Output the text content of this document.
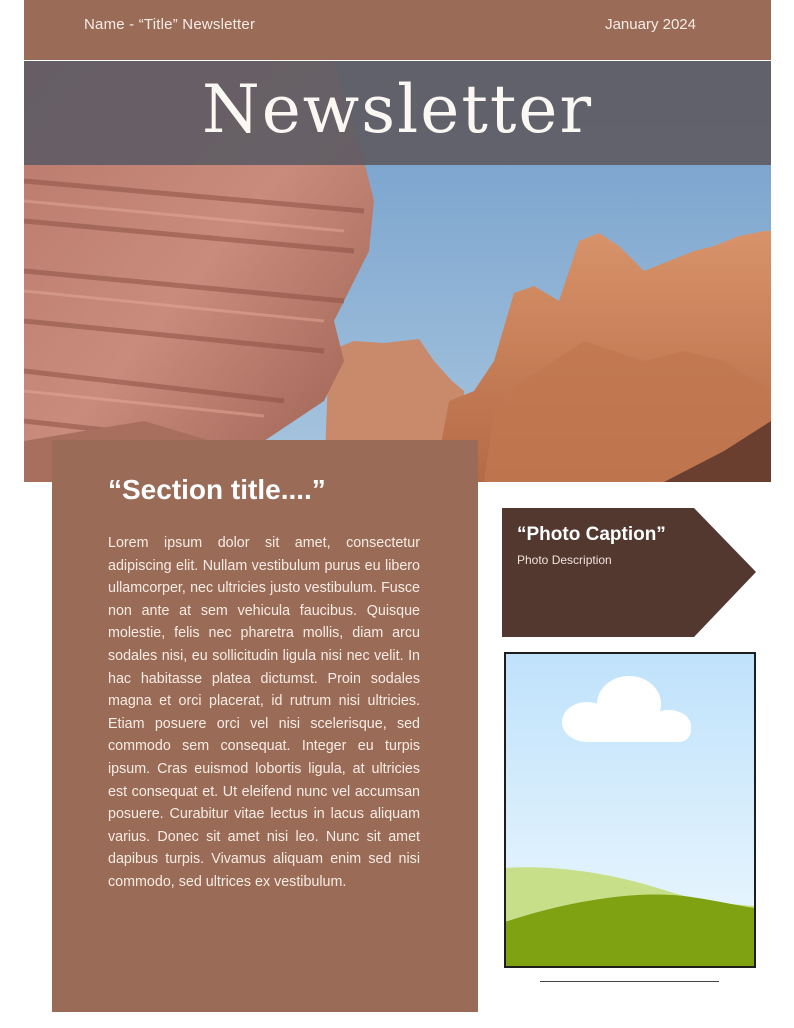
Name - “Title” Newsletter	January 2024
Newsletter
“Section title....”
Lorem ipsum dolor sit amet, consectetur adipiscing elit. Nullam vestibulum purus eu libero ullamcorper, nec ultricies justo vestibulum. Fusce non ante at sem vehicula faucibus. Quisque molestie, felis nec pharetra mollis, diam arcu sodales nisi, eu sollicitudin ligula nisi nec velit. In hac habitasse platea dictumst. Proin sodales magna et orci placerat, id rutrum nisi ultricies. Etiam posuere orci vel nisi scelerisque, sed commodo sem consequat. Integer eu turpis ipsum. Cras euismod lobortis ligula, at ultricies est consequat et. Ut eleifend nunc vel accumsan posuere. Curabitur vitae lectus in lacus aliquam varius. Donec sit amet nisi leo. Nunc sit amet dapibus turpis. Vivamus aliquam enim sed nisi commodo, sed ultrices ex vestibulum.
“Photo Caption”
Photo Description
